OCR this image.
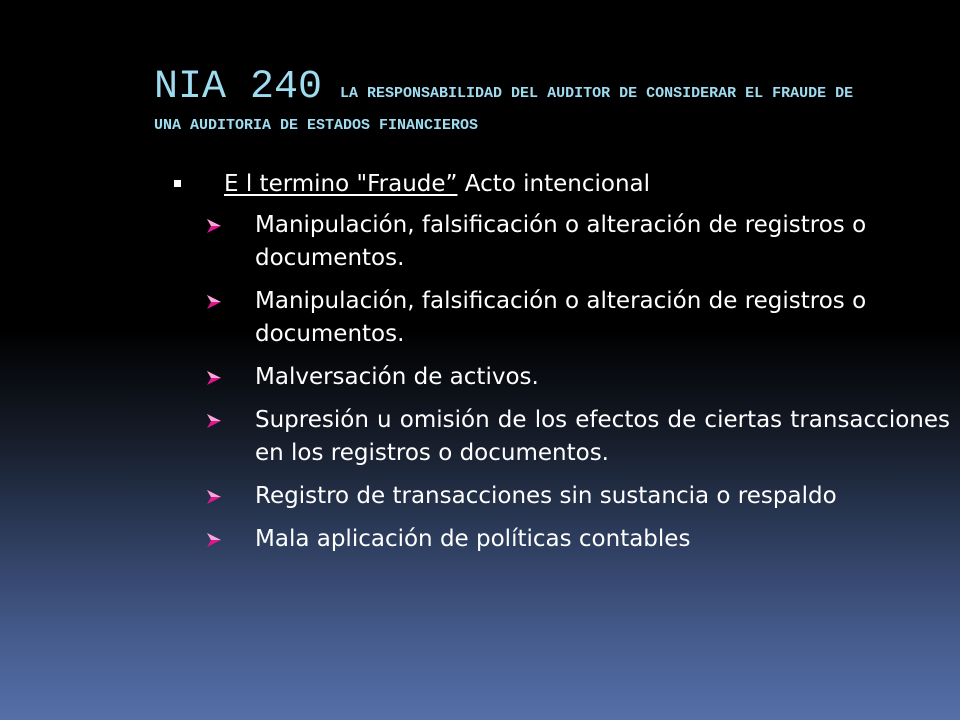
NIA 240 LA RESPONSABILIDAD DEL AUDITOR DE CONSIDERAR EL FRAUDE DE
UNA AUDITORIA DE ESTADOS FINANCIEROS
E l termino "Fraude” Acto intencional
Manipulación, falsificación o alteración de registros o documentos.
Manipulación, falsificación o alteración de registros o documentos.
Malversación de activos.
Supresión u omisión de los efectos de ciertas transacciones en los registros o documentos.
Registro de transacciones sin sustancia o respaldo
Mala aplicación de políticas contables
